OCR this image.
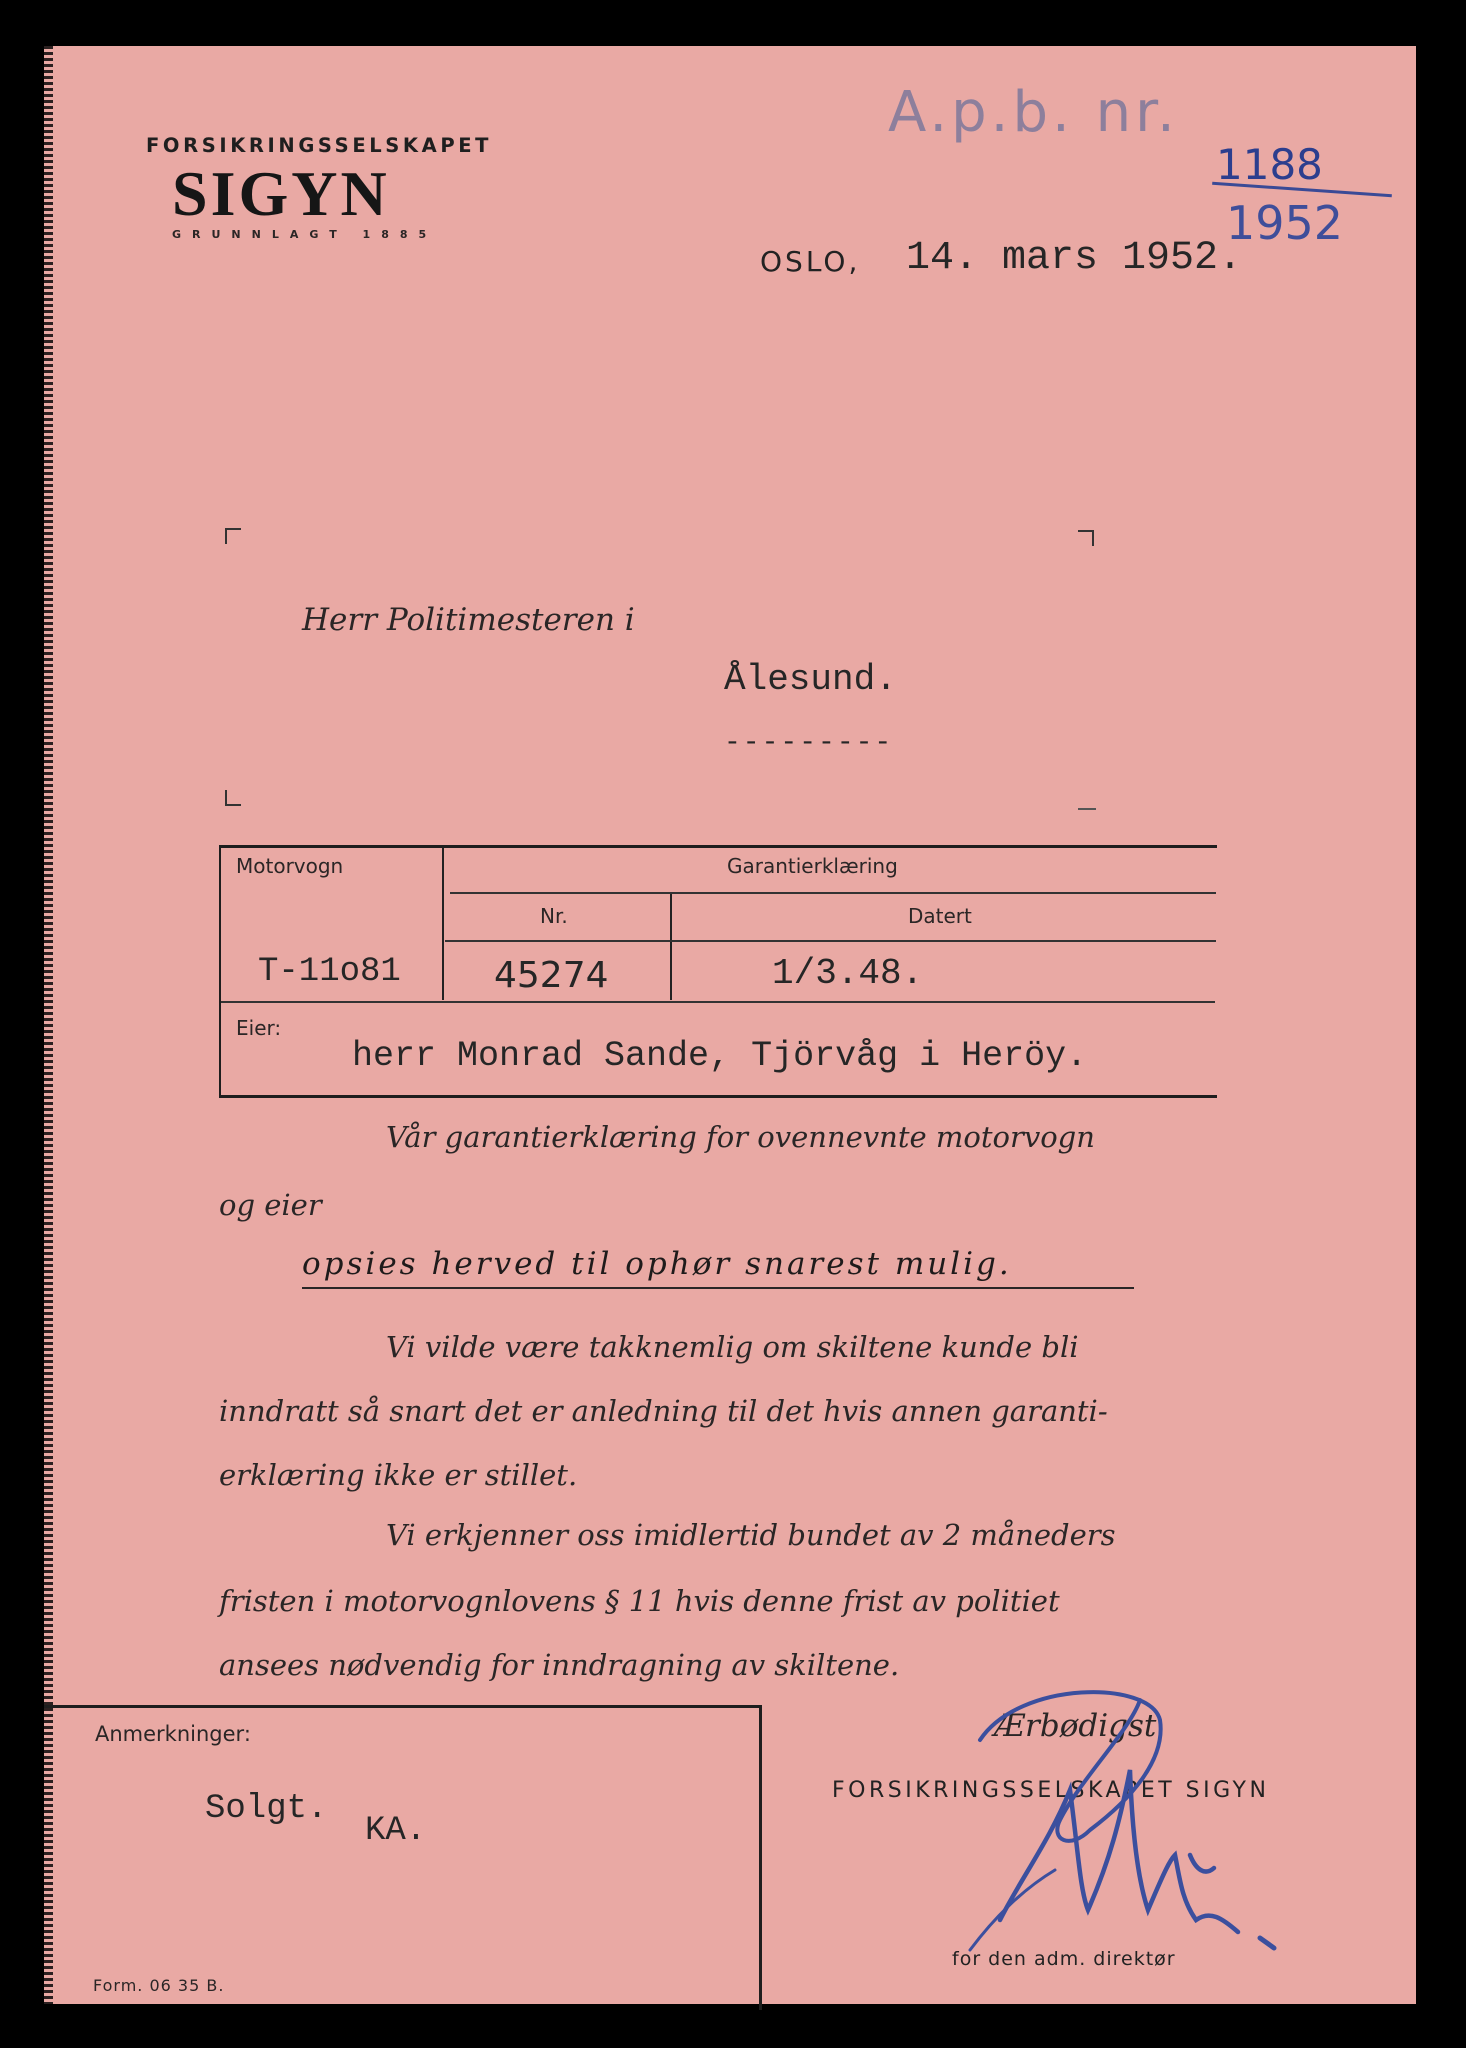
FORSIKRINGSSELSKAPET
SIGYN
GRUNNLAGT 1885
A.p.b. nr.
1188
1952
OSLO, 14. mars 1952.
Herr Politimesteren i
Ålesund.
---------
Motorvogn	Garantierklæring
Nr.	Datert
T-11o81	45274	1/3.48.
Eier:
herr Monrad Sande, Tjörvåg i Heröy.
Vår garantierklæring for ovennevnte motorvogn
og eier
opsies herved til ophør snarest mulig.
Vi vilde være takknemlig om skiltene kunde bli
inndratt så snart det er anledning til det hvis annen garanti-
erklæring ikke er stillet.
Vi erkjenner oss imidlertid bundet av 2 måneders
fristen i motorvognlovens § 11 hvis denne frist av politiet
ansees nødvendig for inndragning av skiltene.
Anmerkninger:
Solgt.
KA.
Form. 06 35 B.
Ærbødigst
FORSIKRINGSSELSKAPET SIGYN
for den adm. direktør
